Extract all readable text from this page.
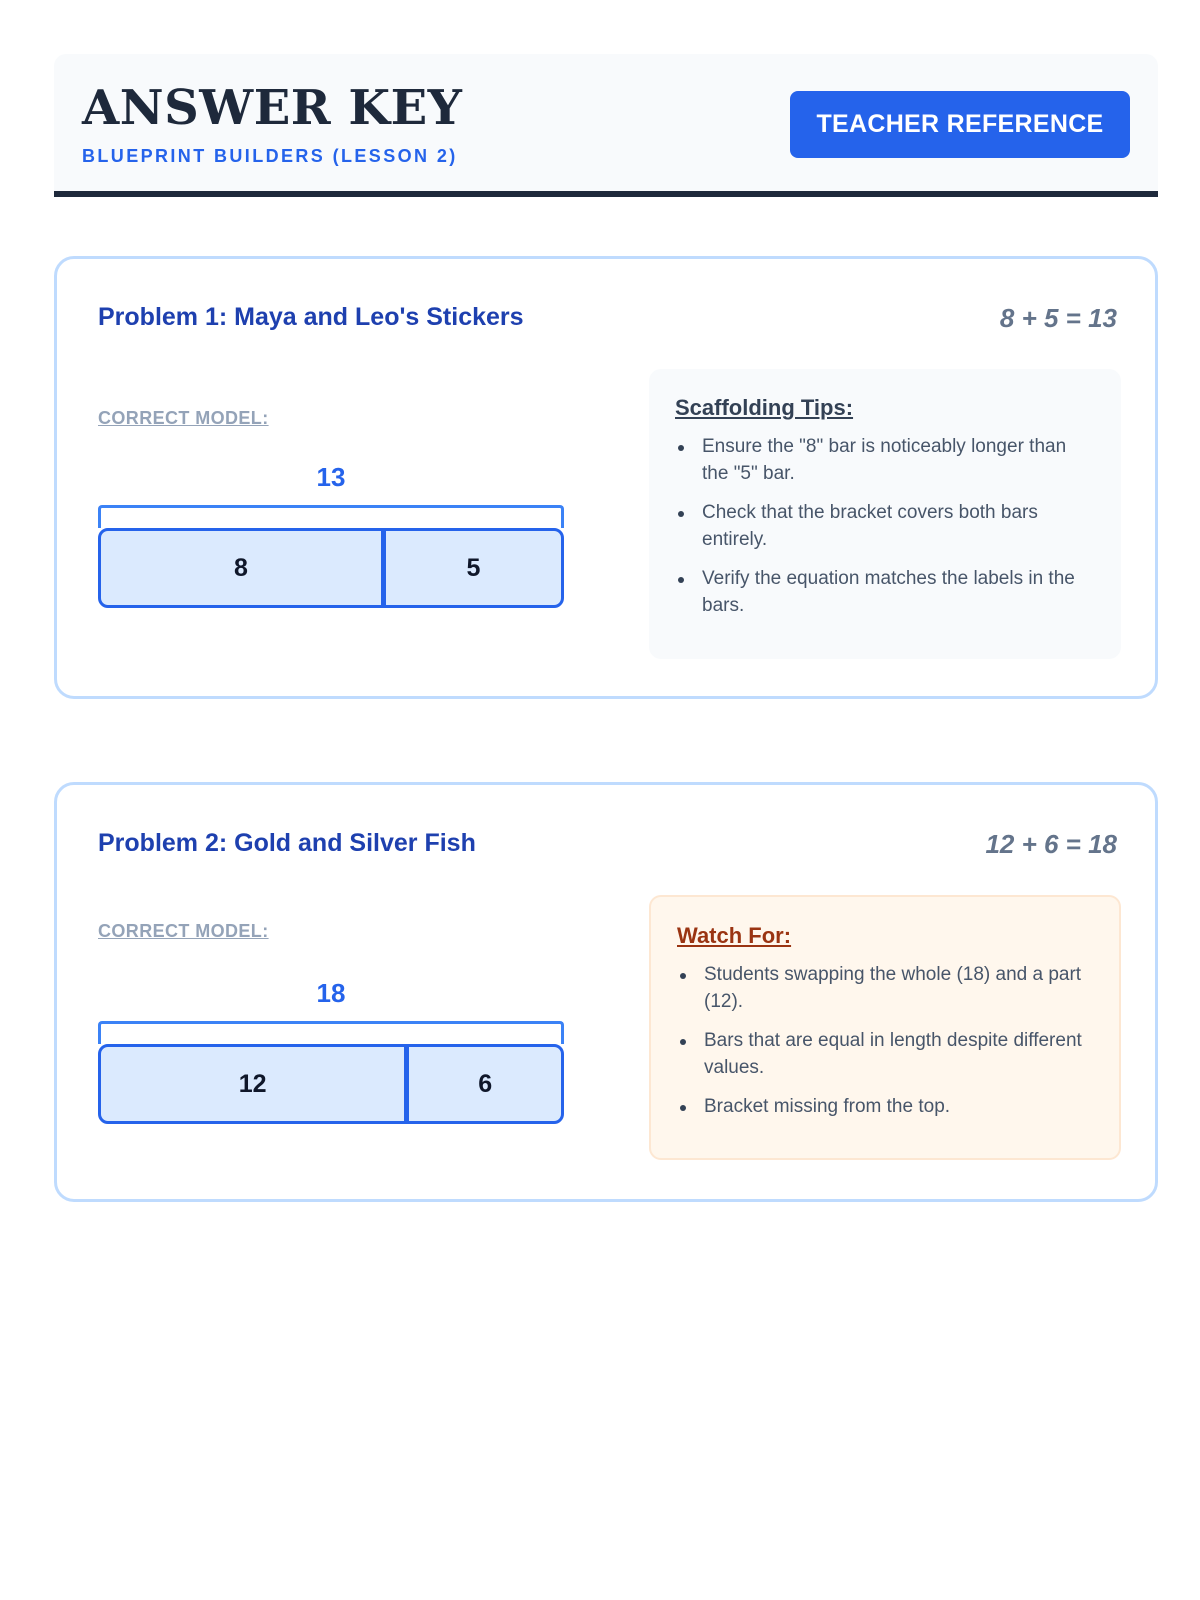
ANSWER KEY
BLUEPRINT BUILDERS (LESSON 2)
TEACHER REFERENCE
Problem 1: Maya and Leo's Stickers	8 + 5 = 13
CORRECT MODEL:
13
8	5
Scaffolding Tips:
Ensure the "8" bar is noticeably longer than the "5" bar.
Check that the bracket covers both bars entirely.
Verify the equation matches the labels in the bars.
Problem 2: Gold and Silver Fish	12 + 6 = 18
CORRECT MODEL:
18
12	6
Watch For:
Students swapping the whole (18) and a part (12).
Bars that are equal in length despite different values.
Bracket missing from the top.
